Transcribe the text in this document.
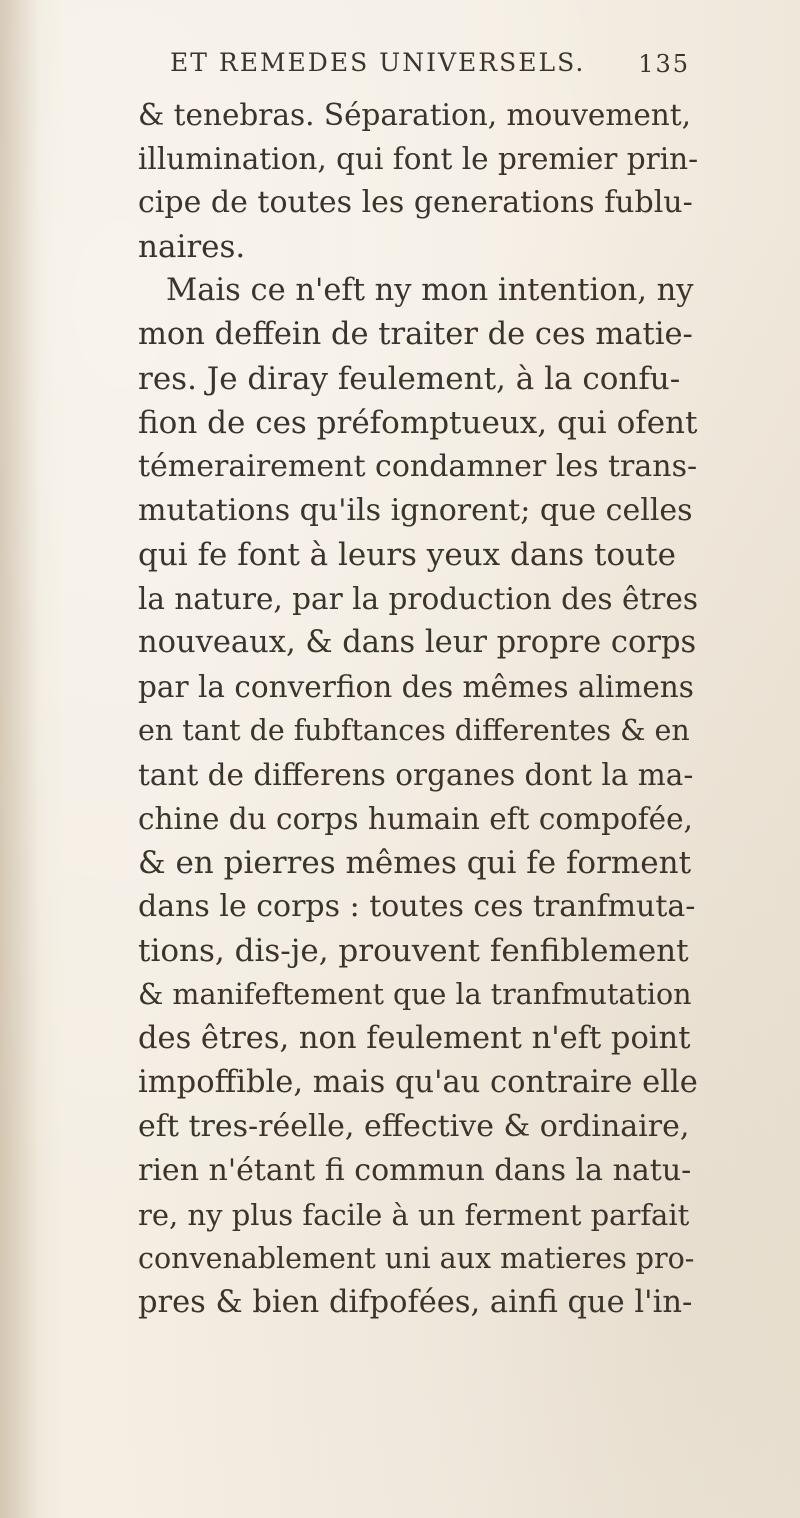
ET REMEDES UNIVERSELS. 135
& tenebras. Séparation, mouvement,
illumination, qui font le premier prin-
cipe de toutes les generations fublu-
naires.
Mais ce n'eft ny mon intention, ny
mon deffein de traiter de ces matie-
res. Je diray feulement, à la confu-
fion de ces préfomptueux, qui ofent
témerairement condamner les trans-
mutations qu'ils ignorent; que celles
qui fe font à leurs yeux dans toute
la nature, par la production des êtres
nouveaux, & dans leur propre corps
par la converfion des mêmes alimens
en tant de fubftances differentes & en
tant de differens organes dont la ma-
chine du corps humain eft compofée,
& en pierres mêmes qui fe forment
dans le corps : toutes ces tranfmuta-
tions, dis-je, prouvent fenfiblement
& manifeftement que la tranfmutation
des êtres, non feulement n'eft point
impoffible, mais qu'au contraire elle
eft tres-réelle, effective & ordinaire,
rien n'étant fi commun dans la natu-
re, ny plus facile à un ferment parfait
convenablement uni aux matieres pro-
pres & bien difpofées, ainfi que l'in-
